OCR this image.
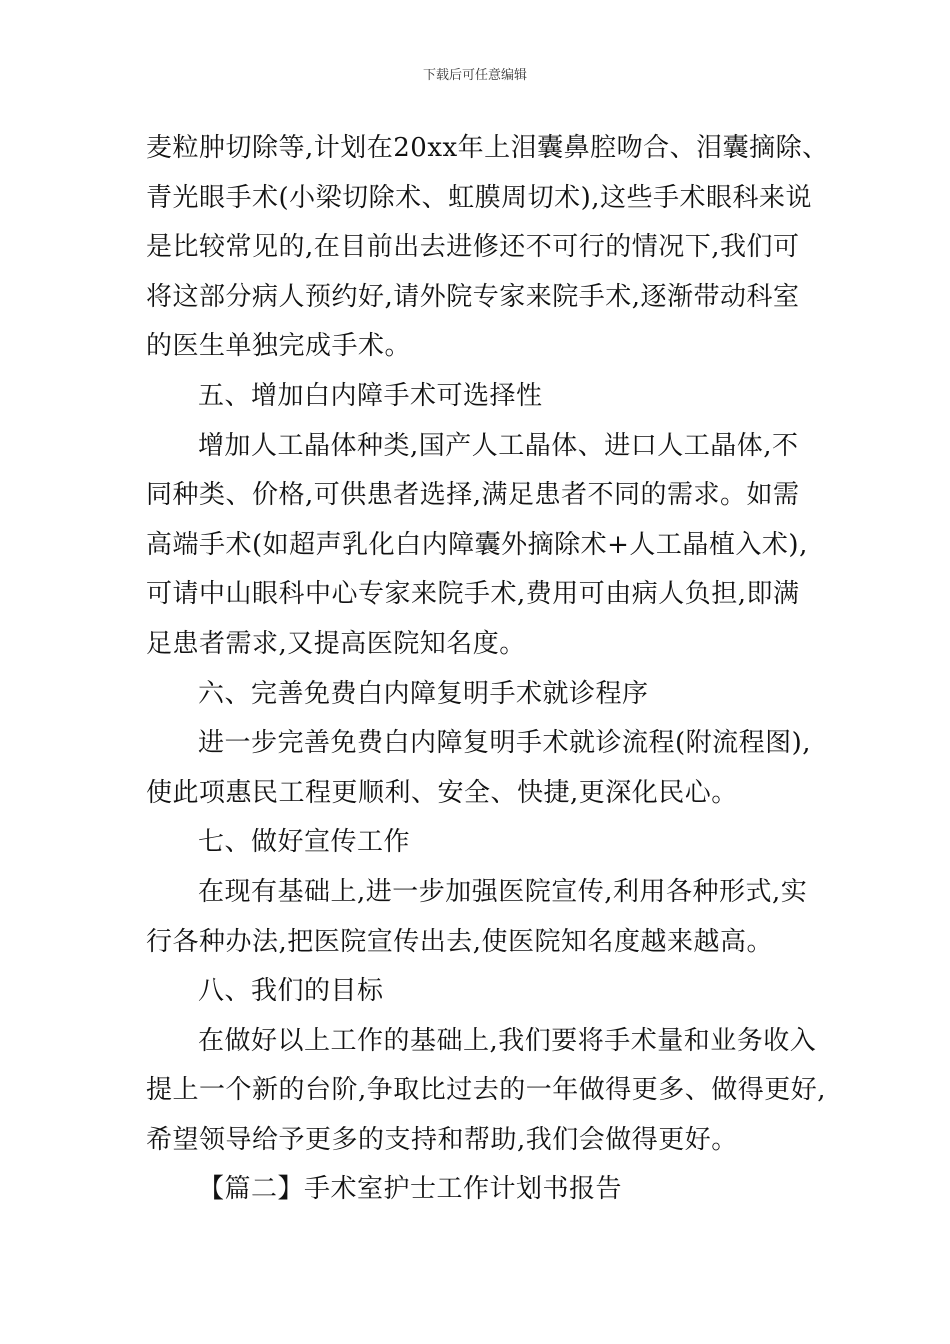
下载后可任意编辑
麦粒肿切除等,计划在20xx年上泪囊鼻腔吻合、泪囊摘除、
青光眼手术(小梁切除术、虹膜周切术),这些手术眼科来说
是比较常见的,在目前出去进修还不可行的情况下,我们可
将这部分病人预约好,请外院专家来院手术,逐渐带动科室
的医生单独完成手术。
五、增加白内障手术可选择性
增加人工晶体种类,国产人工晶体、进口人工晶体,不
同种类、价格,可供患者选择,满足患者不同的需求。如需
高端手术(如超声乳化白内障囊外摘除术+人工晶植入术),
可请中山眼科中心专家来院手术,费用可由病人负担,即满
足患者需求,又提高医院知名度。
六、完善免费白内障复明手术就诊程序
进一步完善免费白内障复明手术就诊流程(附流程图),
使此项惠民工程更顺利、安全、快捷,更深化民心。
七、做好宣传工作
在现有基础上,进一步加强医院宣传,利用各种形式,实
行各种办法,把医院宣传出去,使医院知名度越来越高。
八、我们的目标
在做好以上工作的基础上,我们要将手术量和业务收入
提上一个新的台阶,争取比过去的一年做得更多、做得更好,
希望领导给予更多的支持和帮助,我们会做得更好。
【篇二】手术室护士工作计划书报告
